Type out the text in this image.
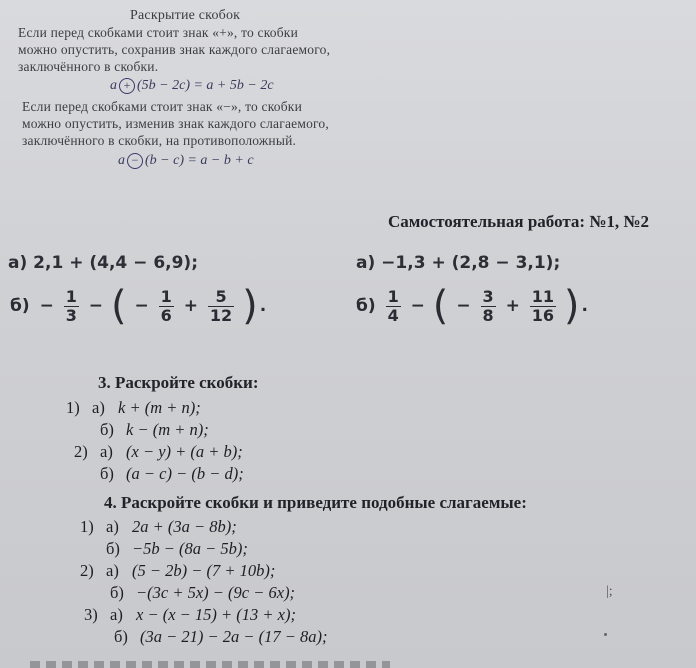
Раскрытие скобок
Если перед скобками стоит знак «+», то скобки
можно опустить, сохранив знак каждого слагаемого,
заключённого в скобки.
a + (5b − 2c) = a + 5b − 2c
Если перед скобками стоит знак «−», то скобки
можно опустить, изменив знак каждого слагаемого,
заключённого в скобки, на противоположный.
a − (b − c) = a − b + c
Самостоятельная работа: №1, №2
а) 2,1 + (4,4 − 6,9);	а) −1,3 + (2,8 − 3,1);
$б) - \frac{1}{3}$ − ( − $\frac{1}{6} + \frac{5}{12}$ ) .	$б) \frac{1}{4}$ − ( − $\frac{3}{8} + \frac{11}{16}$ ) .
3. Раскройте скобки:
1) а) k + (m + n);
б) k − (m + n);
2) а) (x − y) + (a + b);
б) (a − c) − (b − d);
4. Раскройте скобки и приведите подобные слагаемые:
1) а) 2a + (3a − 8b);
б) −5b − (8a − 5b);
2) а) (5 − 2b) − (7 + 10b);
б) −(3c + 5x) − (9c − 6x);
3) а) x − (x − 15) + (13 + x);
б) (3a − 21) − 2a − (17 − 8a);
|;
